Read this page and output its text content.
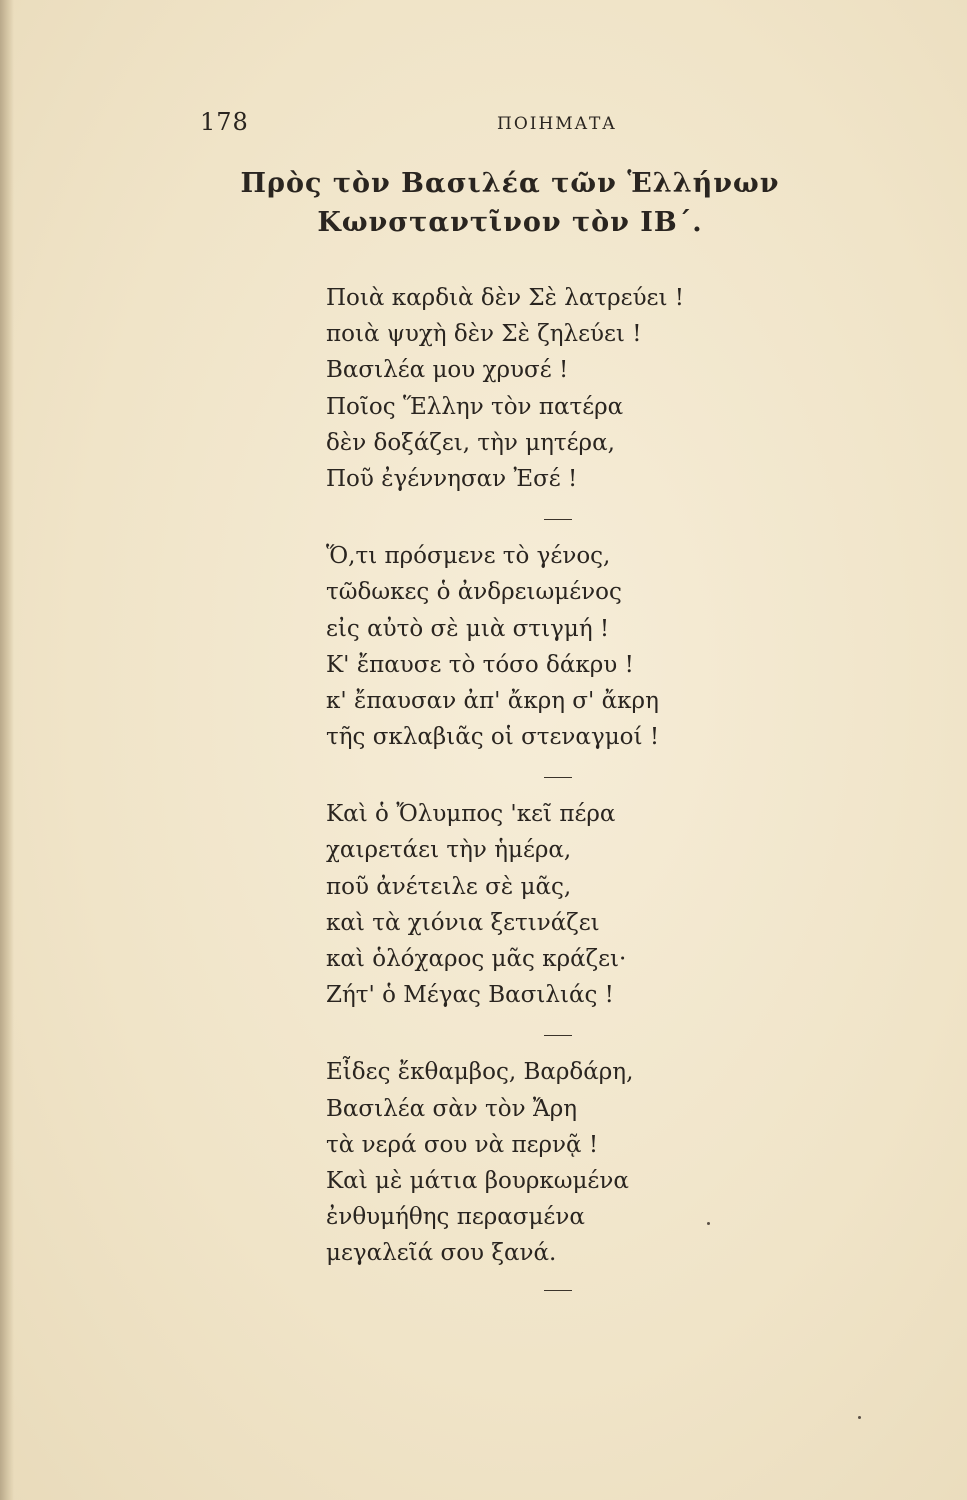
178	ΠΟΙΗΜΑΤΑ
Πρὸς τὸν Βασιλέα τῶν Ἑλλήνων
Κωνσταντῖνον τὸν ΙΒ΄.
Ποιὰ καρδιὰ δὲν Σὲ λατρεύει !
ποιὰ ψυχὴ δὲν Σὲ ζηλεύει !
Βασιλέα μου χρυσέ !
Ποῖος Ἕλλην τὸν πατέρα
δὲν δοξάζει, τὴν μητέρα,
Ποῦ ἐγέννησαν Ἐσέ !
Ὅ,τι πρόσμενε τὸ γένος,
τῶδωκες ὁ ἀνδρειωμένος
εἰς αὐτὸ σὲ μιὰ στιγμή !
Κ' ἔπαυσε τὸ τόσο δάκρυ !
κ' ἔπαυσαν ἀπ' ἄκρη σ' ἄκρη
τῆς σκλαβιᾶς οἱ στεναγμοί !
Καὶ ὁ Ὄλυμπος 'κεῖ πέρα
χαιρετάει τὴν ἡμέρα,
ποῦ ἀνέτειλε σὲ μᾶς,
καὶ τὰ χιόνια ξετινάζει
καὶ ὁλόχαρος μᾶς κράζει·
Ζήτ' ὁ Μέγας Βασιλιάς !
Εἶδες ἔκθαμβος, Βαρδάρη,
Βασιλέα σὰν τὸν Ἄρη
τὰ νερά σου νὰ περνᾷ !
Καὶ μὲ μάτια βουρκωμένα
ἐνθυμήθης περασμένα
μεγαλεῖά σου ξανά.
